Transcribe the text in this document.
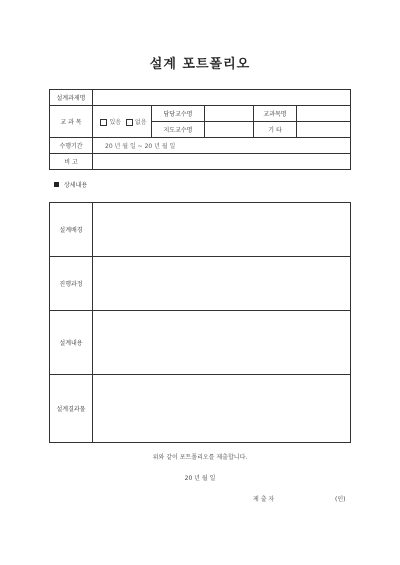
설계 포트폴리오
설계과제명					
교 과 목	있음 없음	담당교수명		교과목명	
		지도교수명		기 타	
수행기간	20 년 월 일 ~ 20 년 월 일				
비 고					
상세내용
설계배경	
진행과정	
설계내용	
설계결과물	
위와 같이 포트폴리오를 제출합니다.
20 년 월 일
제 출 자	(인)
